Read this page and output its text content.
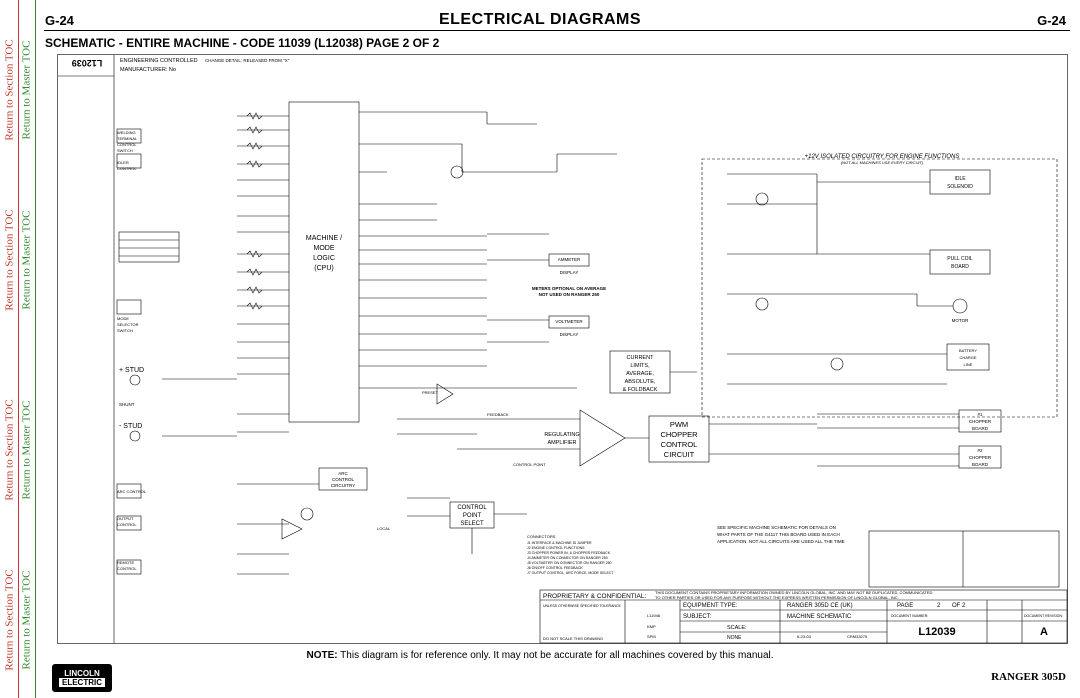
Return to Section TOC
Return to Section TOC
Return to Section TOC
Return to Section TOC
Return to Master TOC
Return to Master TOC
Return to Master TOC
Return to Master TOC
G-24	ELECTRICAL DIAGRAMS	G-24
SCHEMATIC - ENTIRE MACHINE - CODE 11039 (L12038) PAGE 2 OF 2
L12039	ENGINEERING CONTROLLED
MANUFACTURER: No
CHANGE DETAIL: RELEASED FROM "X"
MACHINE /
MODE
LOGIC
(CPU)
CURRENT
LIMITS,
AVERAGE,
ABSOLUTE,
& FOLDBACK
REGULATING
AMPLIFIER
PWM
CHOPPER
CONTROL
CIRCUIT
CONTROL
POINT
SELECT
ARC
CONTROL
CIRCUITRY
IDLE
SOLENOID
PULL COIL
BOARD
#1
CHOPPER
BOARD
#2
CHOPPER
BOARD
AMMETER
DISPLAY
VOLTMETER
DISPLAY
MOTOR
BATTERY
CHARGE
LINE
+ STUD
- STUD
SHUNT
WELDING
TERMINAL
CONTROL
SWITCH
IDLER
CONTROL
MODE
SELECTOR
SWITCH
ARC CONTROL
OUTPUT
CONTROL
REMOTE
CONTROL
PRESET
LOCAL
FEEDBACK
CONTROL POINT
+12V ISOLATED CIRCUITRY FOR ENGINE FUNCTIONS
(NOT ALL MACHINES USE EVERY CIRCUIT)
METERS OPTIONAL ON AVERAGE
NOT USED ON RANGER 250
SEE SPECIFIC MACHINE SCHEMATIC FOR DETAILS ON
WHAT PARTS OF THE G4117 THIS BOARD USED IN EACH
APPLICATION. NOT ALL CIRCUITS ARE USED ALL THE TIME
CONNECTORS
J1 INTERFACE & MACHINE ID JUMPER
J2 ENGINE CONTROL FUNCTIONS
J3 CHOPPER POWER IN, & CHOPPER FEEDBACK
J4 AMMETER ON CONNECTOR ON RANGER 250
J5 VOLTMETER ON CONNECTOR ON RANGER 250
J6 ON/OFF CONTROL FEEDBACK
J7 OUTPUT CONTROL, ARC FORCE, MODE SELECT
PROPRIETARY & CONFIDENTIAL:
THIS DOCUMENT CONTAINS PROPRIETARY INFORMATION OWNED BY LINCOLN GLOBAL, INC. AND MAY NOT BE DUPLICATED, COMMUNICATED
TO OTHER PARTIES OR USED FOR ANY PURPOSE WITHOUT THE EXPRESS WRITTEN PERMISSION OF LINCOLN GLOBAL, INC.
UNLESS OTHERWISE SPECIFIED TOLERANCE
DO NOT SCALE THIS DRAWING
L11946
KMP
SPM
EQUIPMENT TYPE:	RANGER 305D CE (UK)
SUBJECT:	MACHINE SCHEMATIC
SCALE:
NONE	6-23-03	CRM33275
PAGE	2 OF 2
DOCUMENT NUMBER:
L12039
DOCUMENT REVISION:
A
NOTE: This diagram is for reference only. It may not be accurate for all machines covered by this manual.
LINCOLN
ELECTRIC	RANGER 305D
